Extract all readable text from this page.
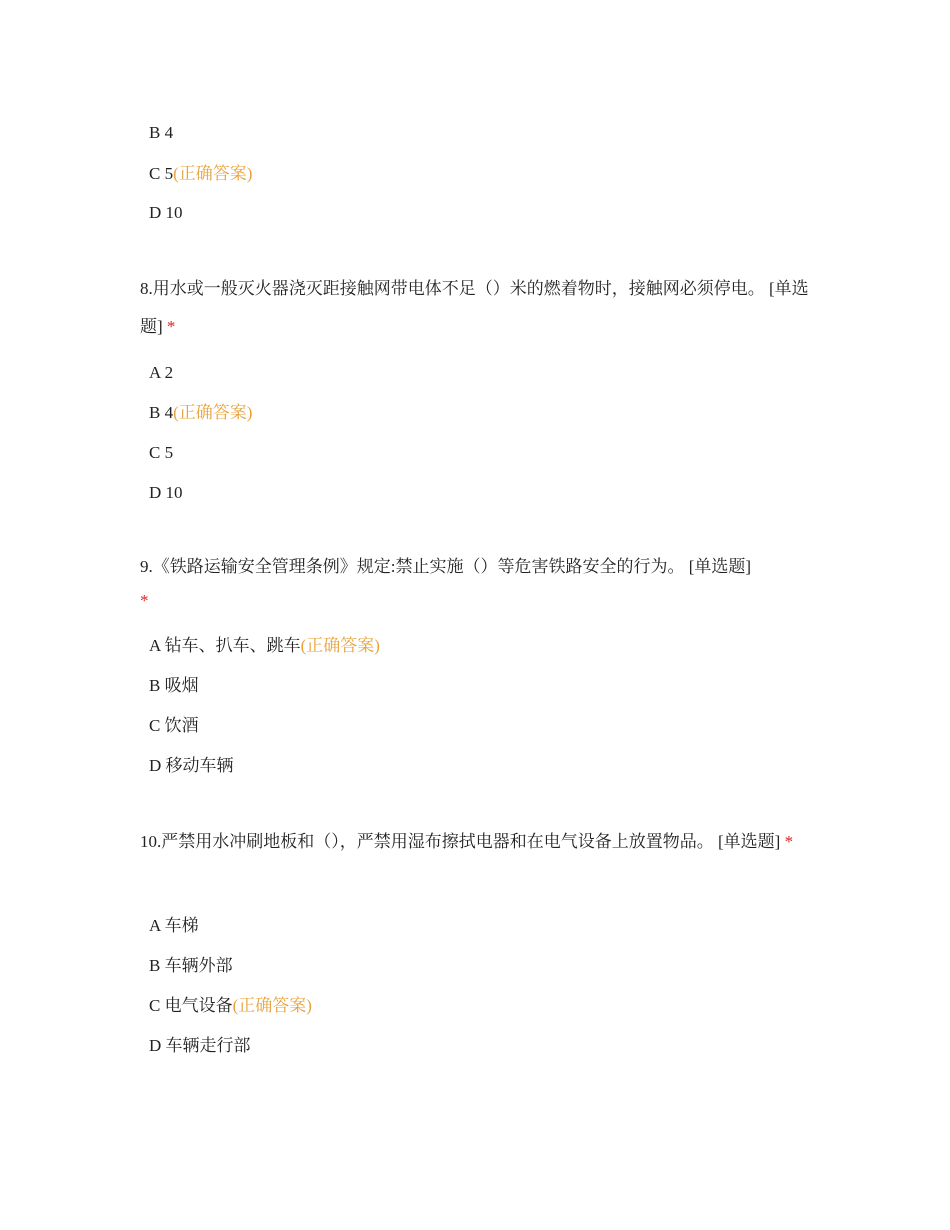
B 4
C 5(正确答案)
D 10
8.用水或一般灭火器浇灭距接触网带电体不足（）米的燃着物时，接触网必须停电。 [单选题] *
A 2
B 4(正确答案)
C 5
D 10
9.《铁路运输安全管理条例》规定:禁止实施（）等危害铁路安全的行为。 [单选题]
*
A 钻车、扒车、跳车(正确答案)
B 吸烟
C 饮酒
D 移动车辆
10.严禁用水冲刷地板和（），严禁用湿布擦拭电器和在电气设备上放置物品。 [单选题] *
A 车梯
B 车辆外部
C 电气设备(正确答案)
D 车辆走行部
